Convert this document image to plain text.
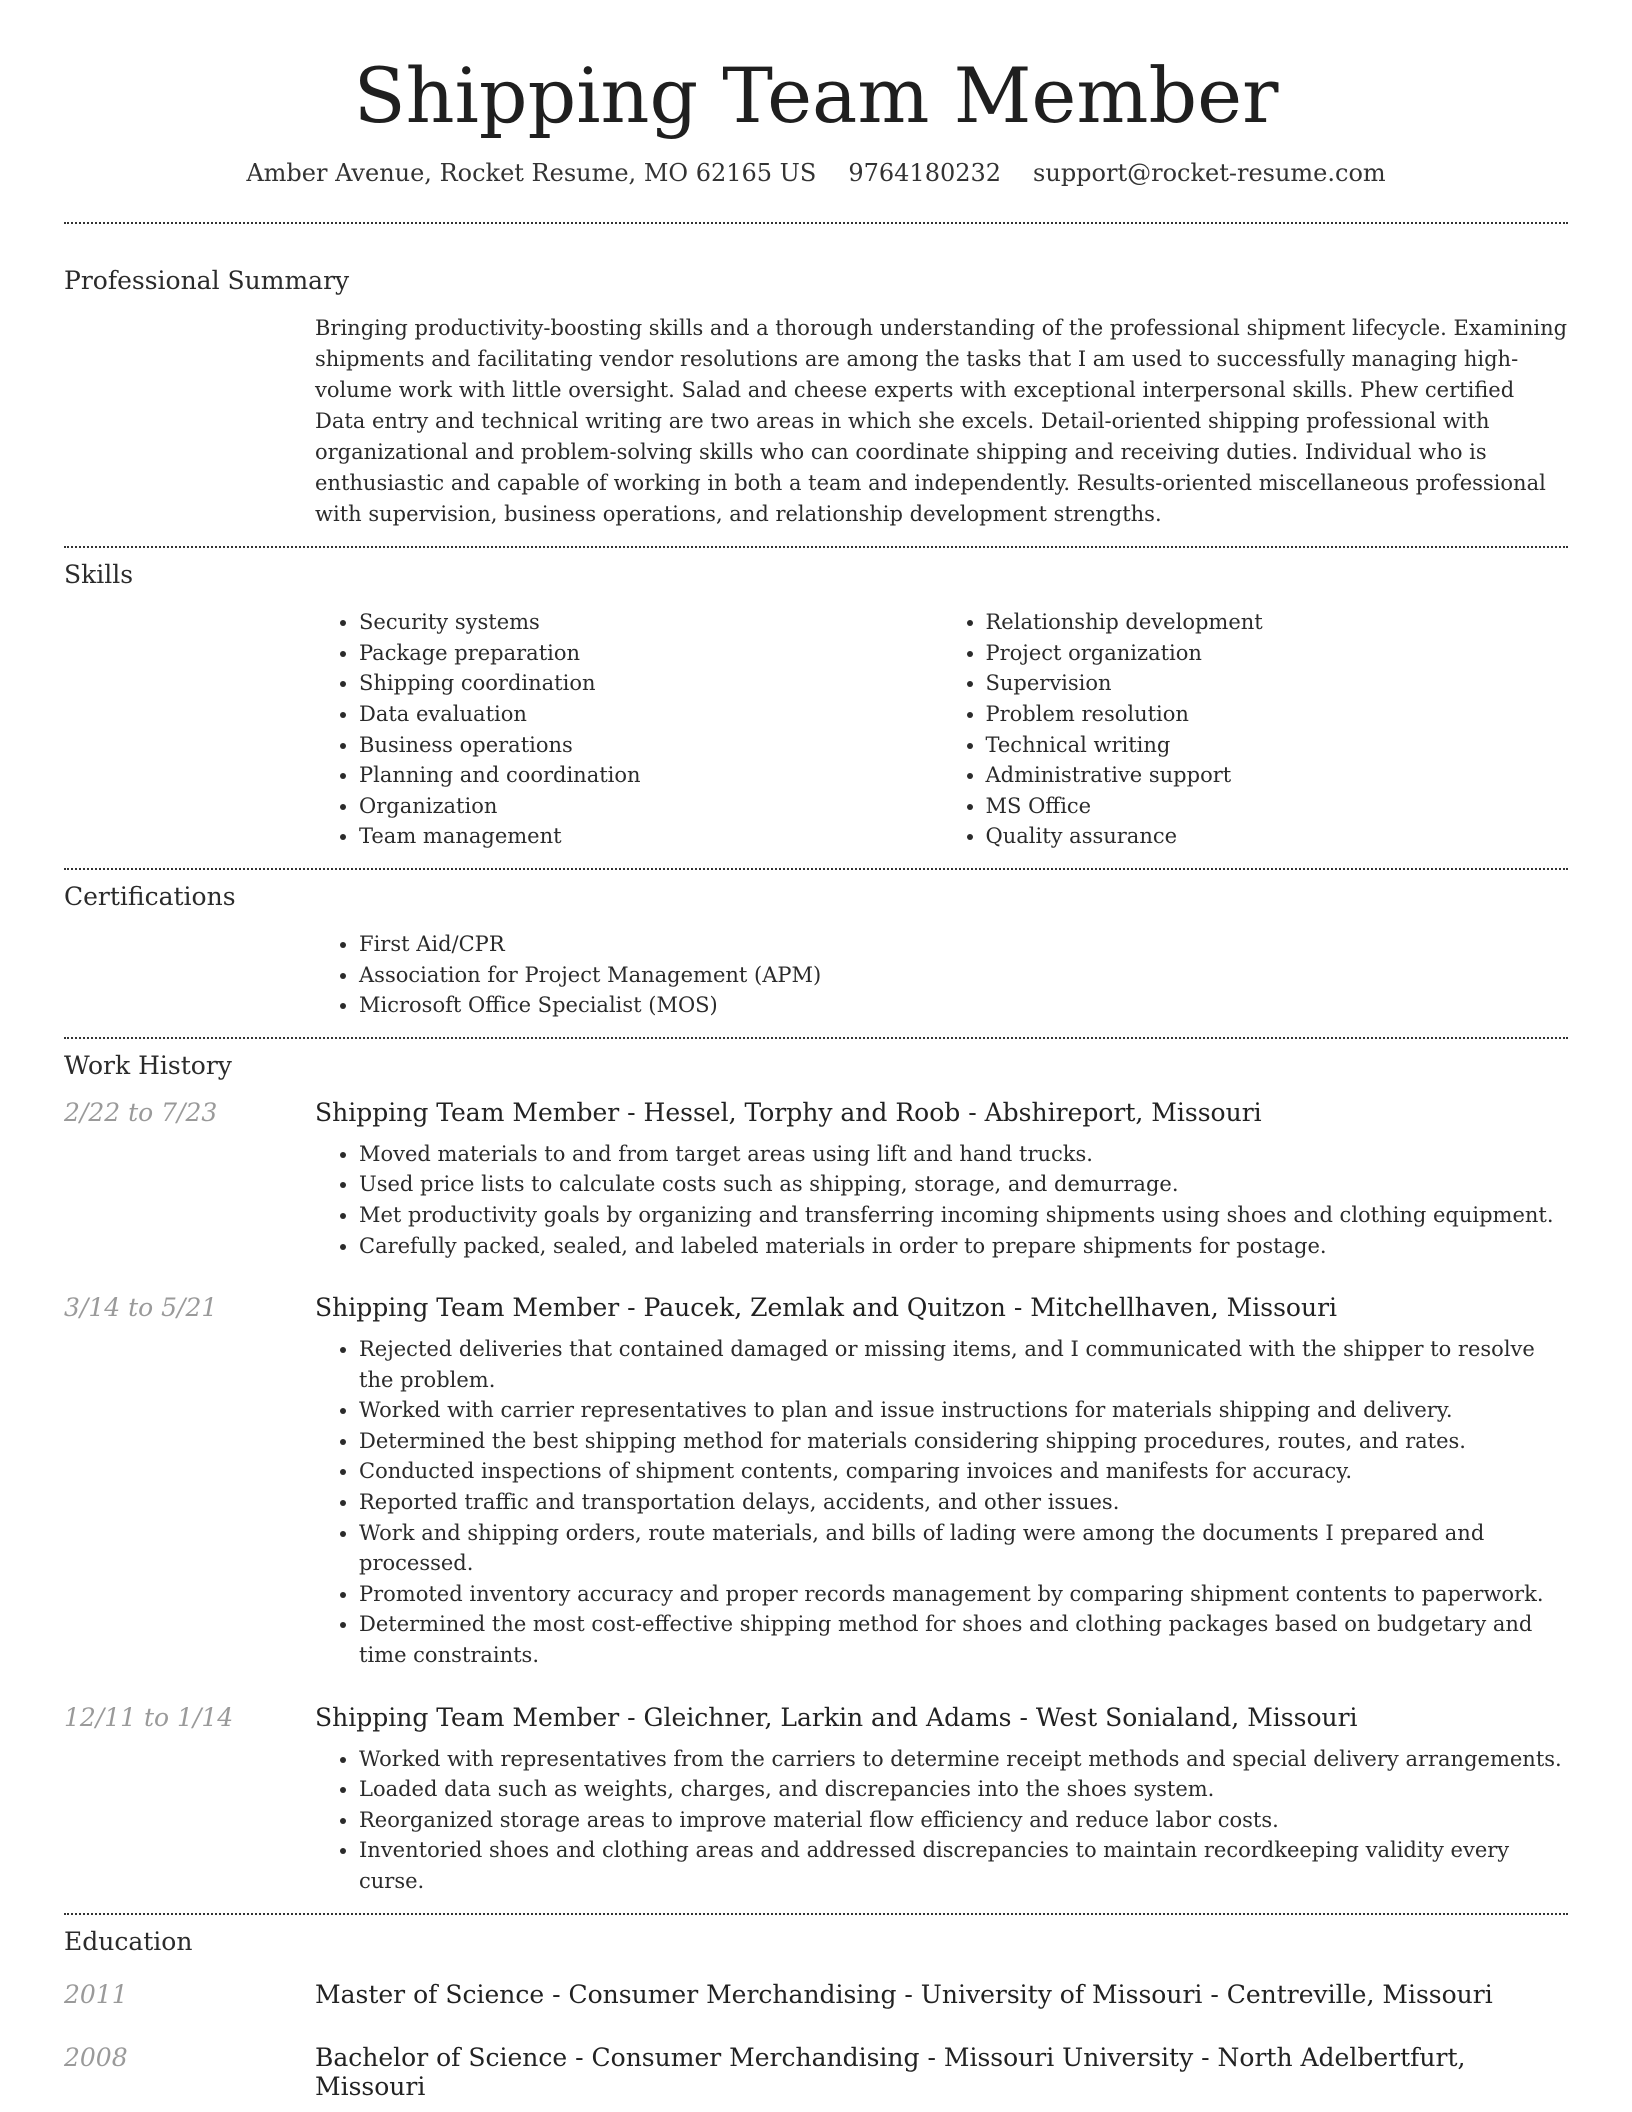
Shipping Team Member
Amber Avenue, Rocket Resume, MO 62165 US 9764180232 support@rocket-resume.com
Professional Summary

Bringing productivity-boosting skills and a thorough understanding of the professional shipment lifecycle. Examining shipments and facilitating vendor resolutions are among the tasks that I am used to successfully managing high-volume work with little oversight. Salad and cheese experts with exceptional interpersonal skills. Phew certified Data entry and technical writing are two areas in which she excels. Detail-oriented shipping professional with organizational and problem-solving skills who can coordinate shipping and receiving duties. Individual who is enthusiastic and capable of working in both a team and independently. Results-oriented miscellaneous professional with supervision, business operations, and relationship development strengths.

Skills
• Security systems
• Package preparation
• Shipping coordination
• Data evaluation
• Business operations
• Planning and coordination
• Organization
• Team management
• Relationship development
• Project organization
• Supervision
• Problem resolution
• Technical writing
• Administrative support
• MS Office
• Quality assurance
Certifications
• First Aid/CPR
• Association for Project Management (APM)
• Microsoft Office Specialist (MOS)
Work History
2/22 to 7/23	Shipping Team Member - Hessel, Torphy and Roob - Abshireport, Missouri
• Moved materials to and from target areas using lift and hand trucks.
• Used price lists to calculate costs such as shipping, storage, and demurrage.
• Met productivity goals by organizing and transferring incoming shipments using shoes and clothing equipment.
• Carefully packed, sealed, and labeled materials in order to prepare shipments for postage.
3/14 to 5/21	Shipping Team Member - Paucek, Zemlak and Quitzon - Mitchellhaven, Missouri
• Rejected deliveries that contained damaged or missing items, and I communicated with the shipper to resolve the problem.
• Worked with carrier representatives to plan and issue instructions for materials shipping and delivery.
• Determined the best shipping method for materials considering shipping procedures, routes, and rates.
• Conducted inspections of shipment contents, comparing invoices and manifests for accuracy.
• Reported traffic and transportation delays, accidents, and other issues.
• Work and shipping orders, route materials, and bills of lading were among the documents I prepared and processed.
• Promoted inventory accuracy and proper records management by comparing shipment contents to paperwork.
• Determined the most cost-effective shipping method for shoes and clothing packages based on budgetary and time constraints.
12/11 to 1/14	Shipping Team Member - Gleichner, Larkin and Adams - West Sonialand, Missouri
• Worked with representatives from the carriers to determine receipt methods and special delivery arrangements.
• Loaded data such as weights, charges, and discrepancies into the shoes system.
• Reorganized storage areas to improve material flow efficiency and reduce labor costs.
• Inventoried shoes and clothing areas and addressed discrepancies to maintain recordkeeping validity every curse.
Education
2011	Master of Science - Consumer Merchandising - University of Missouri - Centreville, Missouri
2008	Bachelor of Science - Consumer Merchandising - Missouri University - North Adelbertfurt, Missouri
